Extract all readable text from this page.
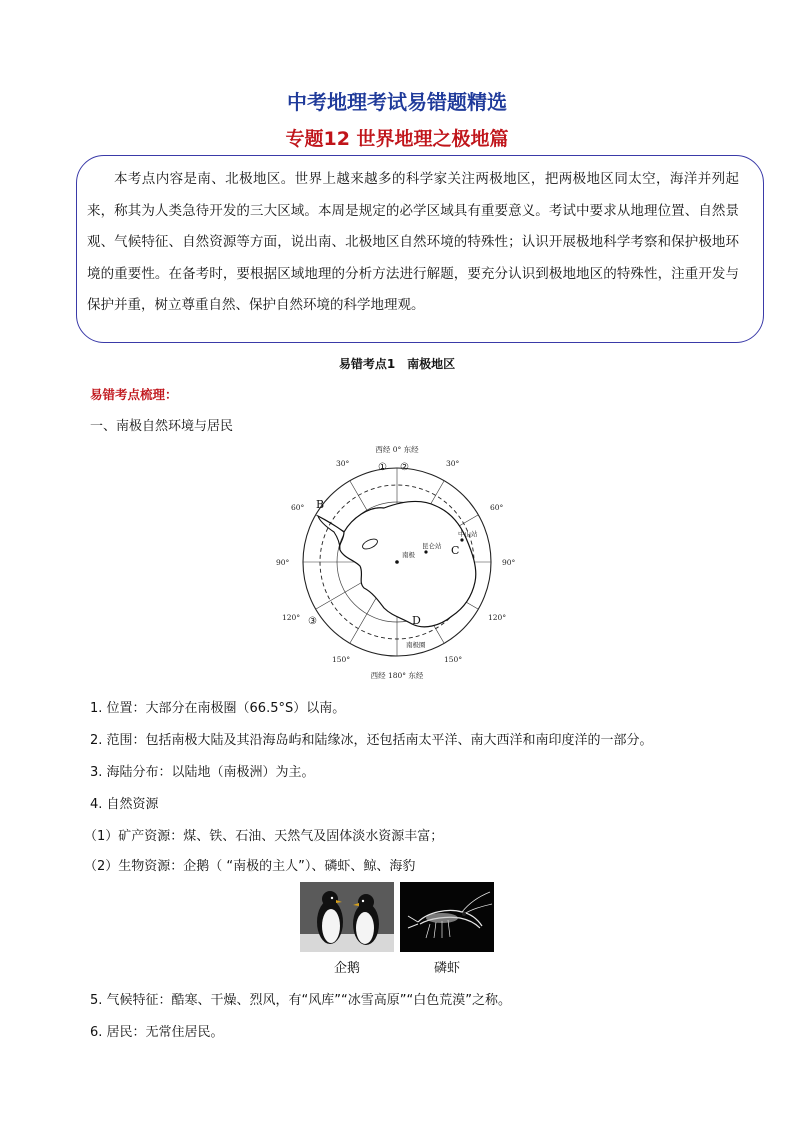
中考地理考试易错题精选
专题12 世界地理之极地篇

本考点内容是南、北极地区。世界上越来越多的科学家关注两极地区，把两极地区同太空，海洋并列起来，称其为人类急待开发的三大区域。本周是规定的必学区域具有重要意义。考试中要求从地理位置、自然景观、气候特征、自然资源等方面，说出南、北极地区自然环境的特殊性；认识开展极地科学考察和保护极地环境的重要性。在备考时，要根据区域地理的分析方法进行解题，要充分认识到极地地区的特殊性，注重开发与保护并重，树立尊重自然、保护自然环境的科学地理观。

易错考点1　南极地区
易错考点梳理：
一、南极自然环境与居民
30°	30°
60°	60°
90°	90°
120°	120°
150°	150°
西经 0° 东经
西经 180° 东经
B
C
D
① ②
③
南极
昆仑站
中山站
南极圈
1. 位置：大部分在南极圈（66.5°S）以南。
2. 范围：包括南极大陆及其沿海岛屿和陆缘冰，还包括南太平洋、南大西洋和南印度洋的一部分。
3. 海陆分布：以陆地（南极洲）为主。
4. 自然资源
（1）矿产资源：煤、铁、石油、天然气及固体淡水资源丰富；
（2）生物资源：企鹅（ “南极的主人”）、磷虾、鲸、海豹
企鹅	磷虾
5. 气候特征：酷寒、干燥、烈风，有“风库”“冰雪高原”“白色荒漠”之称。
6. 居民：无常住居民。
